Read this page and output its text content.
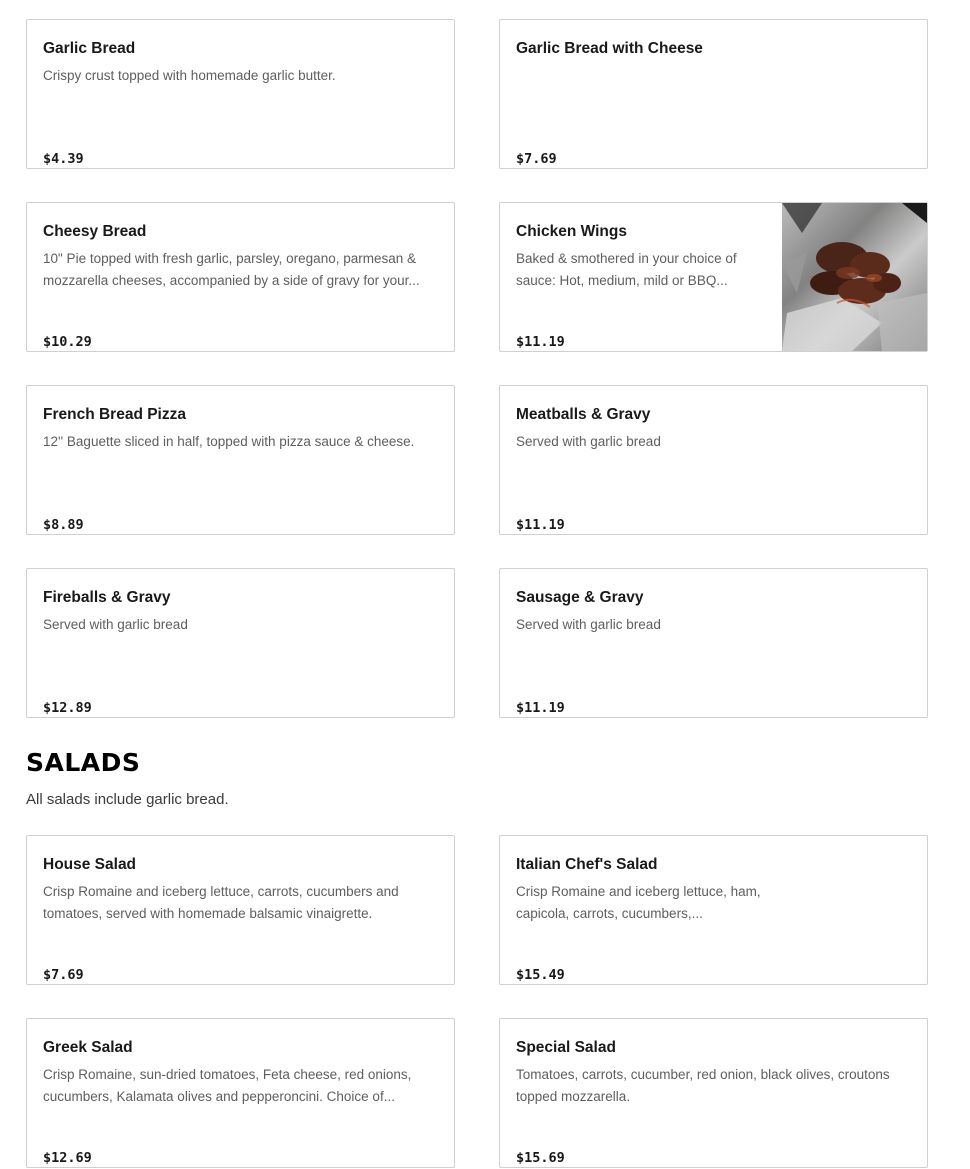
Garlic Bread
Crispy crust topped with homemade garlic butter.
$4.39
Garlic Bread with Cheese
$7.69
Cheesy Bread
10" Pie topped with fresh garlic, parsley, oregano, parmesan & mozzarella cheeses, accompanied by a side of gravy for your...
$10.29
Chicken Wings
Baked & smothered in your choice of sauce: Hot, medium, mild or BBQ...
$11.19
French Bread Pizza
12'' Baguette sliced in half, topped with pizza sauce & cheese.
$8.89
Meatballs & Gravy
Served with garlic bread
$11.19
Fireballs & Gravy
Served with garlic bread
$12.89
Sausage & Gravy
Served with garlic bread
$11.19
SALADS

All salads include garlic bread.

House Salad
Crisp Romaine and iceberg lettuce, carrots, cucumbers and tomatoes, served with homemade balsamic vinaigrette.
$7.69
Italian Chef's Salad
Crisp Romaine and iceberg lettuce, ham, capicola, carrots, cucumbers,...
$15.49
Greek Salad
Crisp Romaine, sun-dried tomatoes, Feta cheese, red onions, cucumbers, Kalamata olives and pepperoncini. Choice of...
$12.69
Special Salad
Tomatoes, carrots, cucumber, red onion, black olives, croutons topped mozzarella.
$15.69
